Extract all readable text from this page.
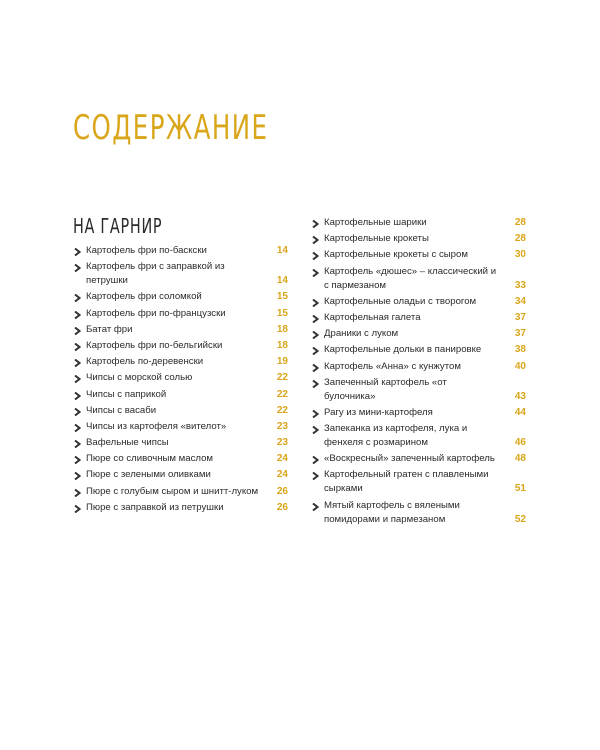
СОДЕРЖАНИЕ
НА ГАРНИР
Картофель фри по-баскски	14
Картофель фри с заправкой из петрушки	14
Картофель фри соломкой	15
Картофель фри по-французски	15
Батат фри	18
Картофель фри по-бельгийски	18
Картофель по-деревенски	19
Чипсы с морской солью	22
Чипсы с паприкой	22
Чипсы с васаби	22
Чипсы из картофеля «вителот»	23
Вафельные чипсы	23
Пюре со сливочным маслом	24
Пюре с зелеными оливками	24
Пюре с голубым сыром и шнитт-луком	26
Пюре с заправкой из петрушки	26
Картофельные шарики	28
Картофельные крокеты	28
Картофельные крокеты с сыром	30
Картофель «дюшес» – классический и с пармезаном	33
Картофельные оладьи с творогом	34
Картофельная галета	37
Драники с луком	37
Картофельные дольки в панировке	38
Картофель «Анна» с кунжутом	40
Запеченный картофель «от булочника»	43
Рагу из мини-картофеля	44
Запеканка из картофеля, лука и фенхеля с розмарином	46
«Воскресный» запеченный картофель	48
Картофельный гратен с плавлеными сырками	51
Мятый картофель с вялеными помидорами и пармезаном	52
